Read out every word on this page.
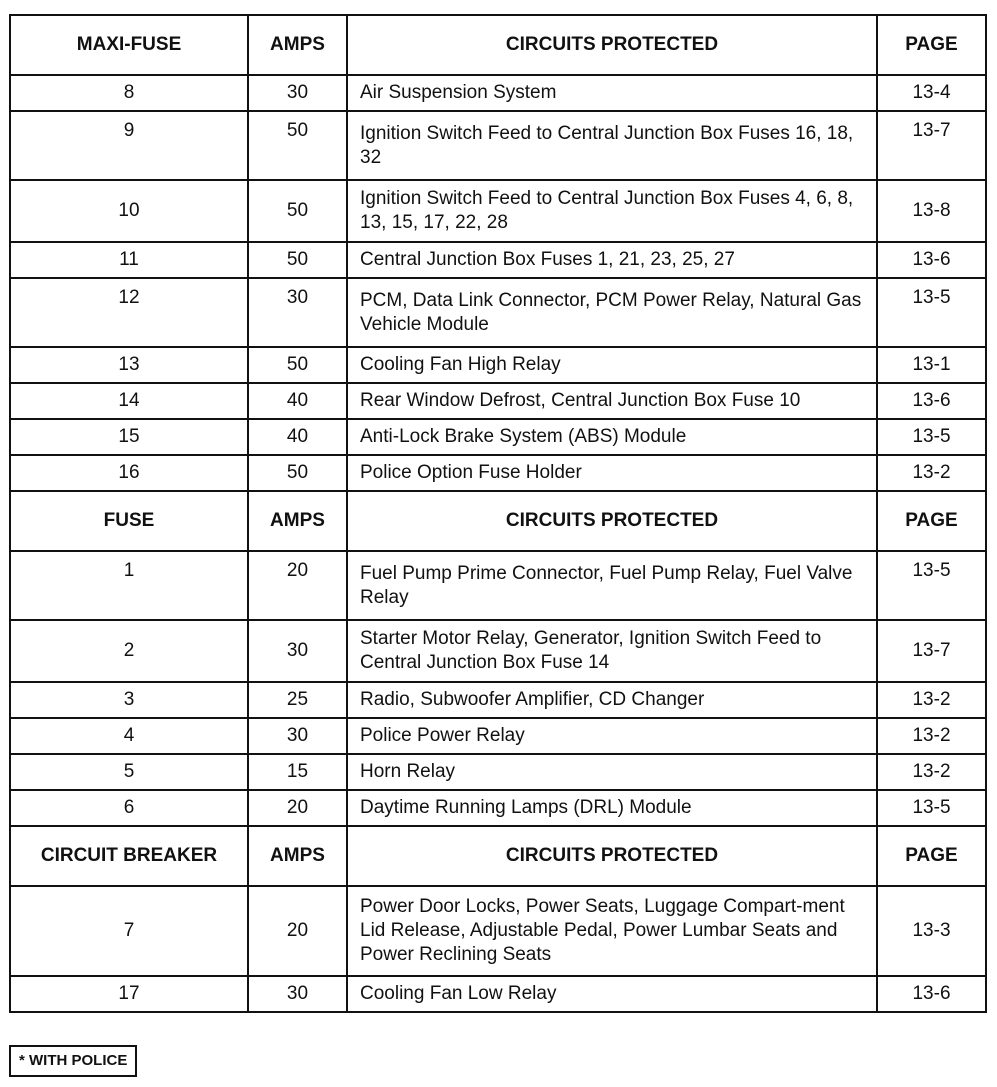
MAXI-FUSE	AMPS	CIRCUITS PROTECTED	PAGE
8	30	Air Suspension System	13-4
9	50	Ignition Switch Feed to Central Junction Box Fuses 16, 18, 32	13-7
10	50	Ignition Switch Feed to Central Junction Box Fuses 4, 6, 8, 13, 15, 17, 22, 28	13-8
11	50	Central Junction Box Fuses 1, 21, 23, 25, 27	13-6
12	30	PCM, Data Link Connector, PCM Power Relay, Natural Gas Vehicle Module	13-5
13	50	Cooling Fan High Relay	13-1
14	40	Rear Window Defrost, Central Junction Box Fuse 10	13-6
15	40	Anti-Lock Brake System (ABS) Module	13-5
16	50	Police Option Fuse Holder	13-2
FUSE	AMPS	CIRCUITS PROTECTED	PAGE
1	20	Fuel Pump Prime Connector, Fuel Pump Relay, Fuel Valve Relay	13-5
2	30	Starter Motor Relay, Generator, Ignition Switch Feed to Central Junction Box Fuse 14	13-7
3	25	Radio, Subwoofer Amplifier, CD Changer	13-2
4	30	Police Power Relay	13-2
5	15	Horn Relay	13-2
6	20	Daytime Running Lamps (DRL) Module	13-5
CIRCUIT BREAKER	AMPS	CIRCUITS PROTECTED	PAGE
7	20	Power Door Locks, Power Seats, Luggage Compart-ment Lid Release, Adjustable Pedal, Power Lumbar Seats and Power Reclining Seats	13-3
17	30	Cooling Fan Low Relay	13-6
* WITH POLICE
